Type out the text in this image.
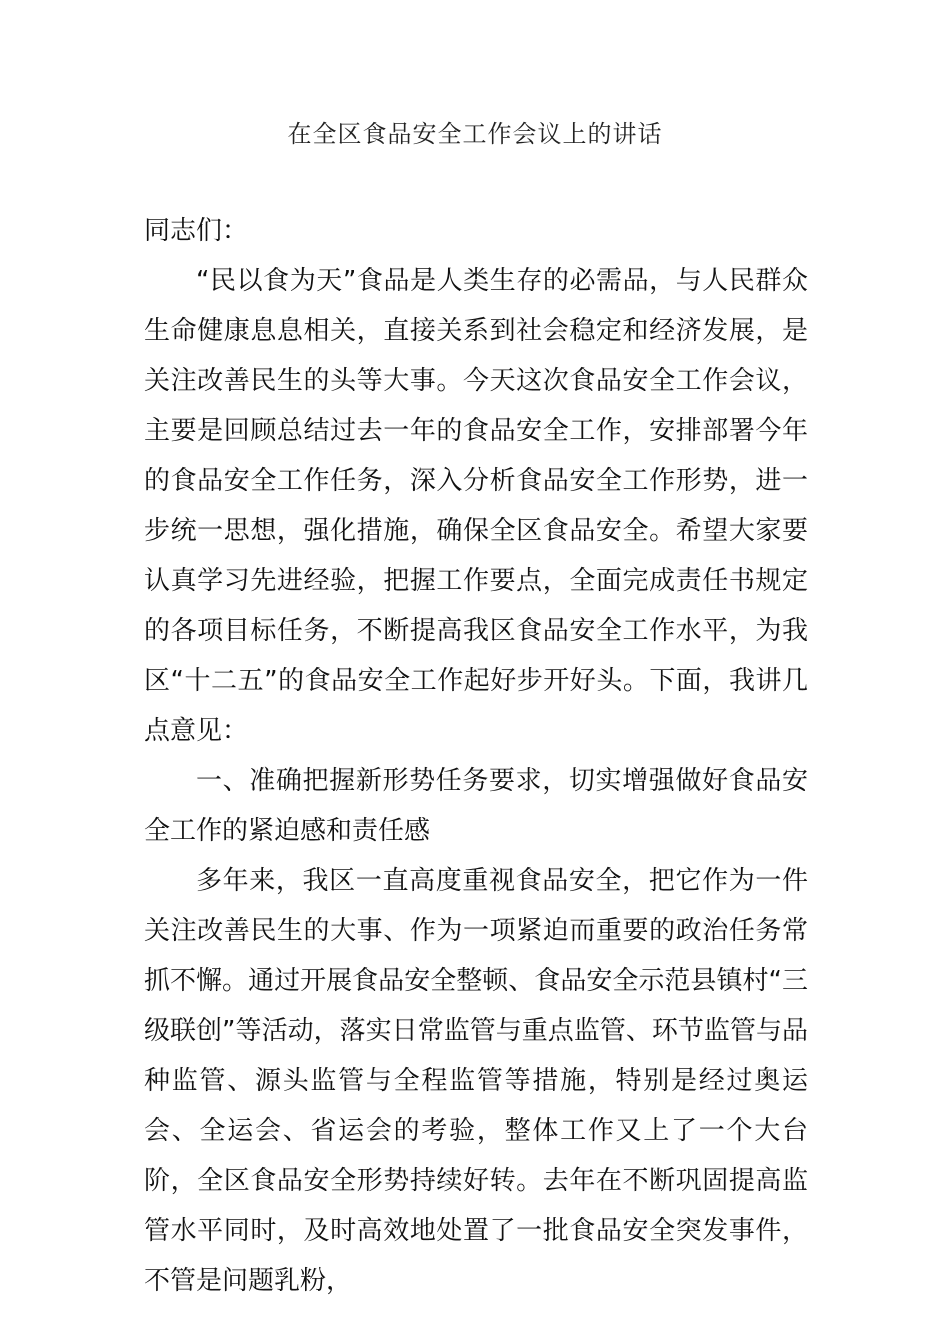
在全区食品安全工作会议上的讲话

同志们：

“民以食为天”食品是人类生存的必需品，与人民群众生命健康息息相关，直接关系到社会稳定和经济发展，是关注改善民生的头等大事。今天这次食品安全工作会议，主要是回顾总结过去一年的食品安全工作，安排部署今年的食品安全工作任务，深入分析食品安全工作形势，进一步统一思想，强化措施，确保全区食品安全。希望大家要认真学习先进经验，把握工作要点，全面完成责任书规定的各项目标任务，不断提高我区食品安全工作水平，为我区“十二五”的食品安全工作起好步开好头。下面，我讲几点意见：

一、准确把握新形势任务要求，切实增强做好食品安全工作的紧迫感和责任感

多年来，我区一直高度重视食品安全，把它作为一件关注改善民生的大事、作为一项紧迫而重要的政治任务常抓不懈。通过开展食品安全整顿、食品安全示范县镇村“三级联创”等活动，落实日常监管与重点监管、环节监管与品种监管、源头监管与全程监管等措施，特别是经过奥运会、全运会、省运会的考验，整体工作又上了一个大台阶，全区食品安全形势持续好转。去年在不断巩固提高监管水平同时，及时高效地处置了一批食品安全突发事件，不管是问题乳粉，
